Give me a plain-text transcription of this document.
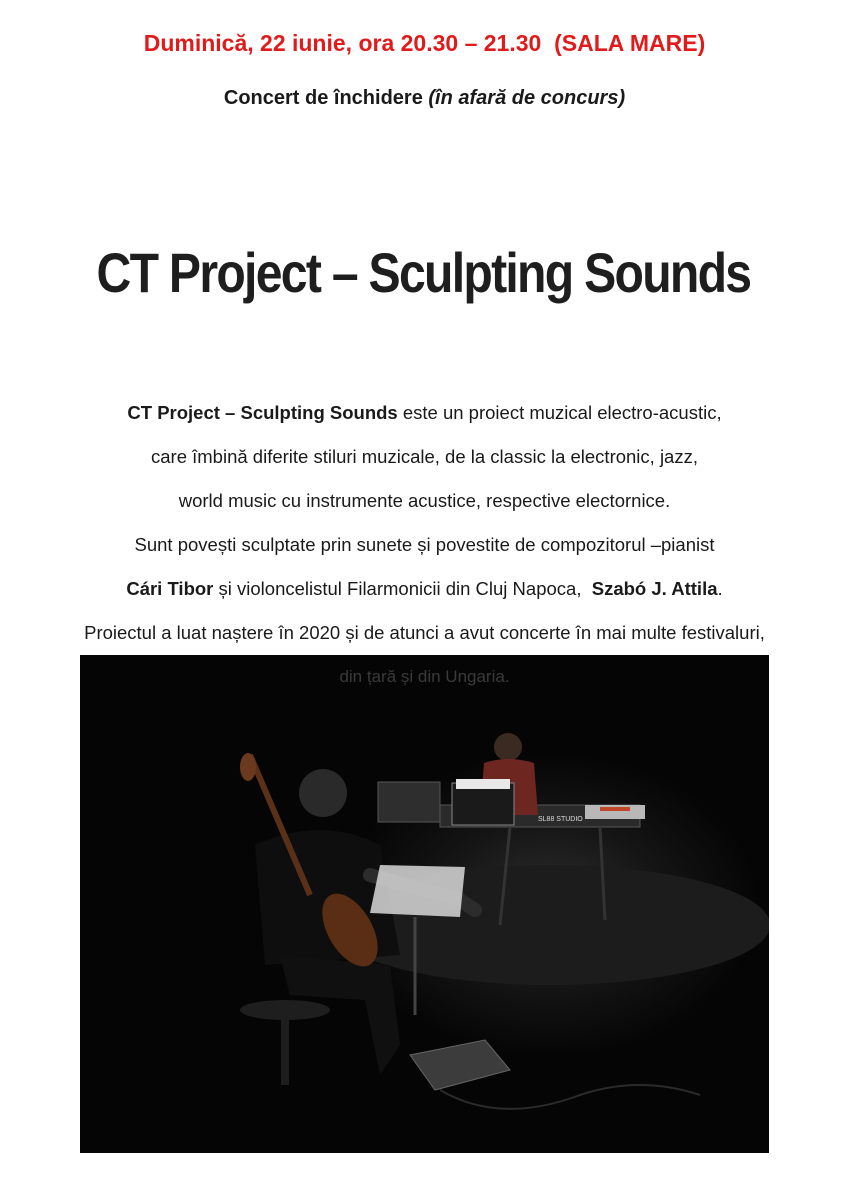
Duminică, 22 iunie, ora 20.30 – 21.30  (SALA MARE)
Concert de închidere (în afară de concurs)
CT Project – Sculpting Sounds
CT Project – Sculpting Sounds este un proiect muzical electro-acustic,
care îmbină diferite stiluri muzicale, de la classic la electronic, jazz,
world music cu instrumente acustice, respective electornice.
Sunt povești sculptate prin sunete și povestite de compozitorul –pianist
Cári Tibor și violoncelistul Filarmonicii din Cluj Napoca,  Szabó J. Attila.
Proiectul a luat naștere în 2020 și de atunci a avut concerte în mai multe festivaluri,
din țară și din Ungaria.
SL88 STUDIO
